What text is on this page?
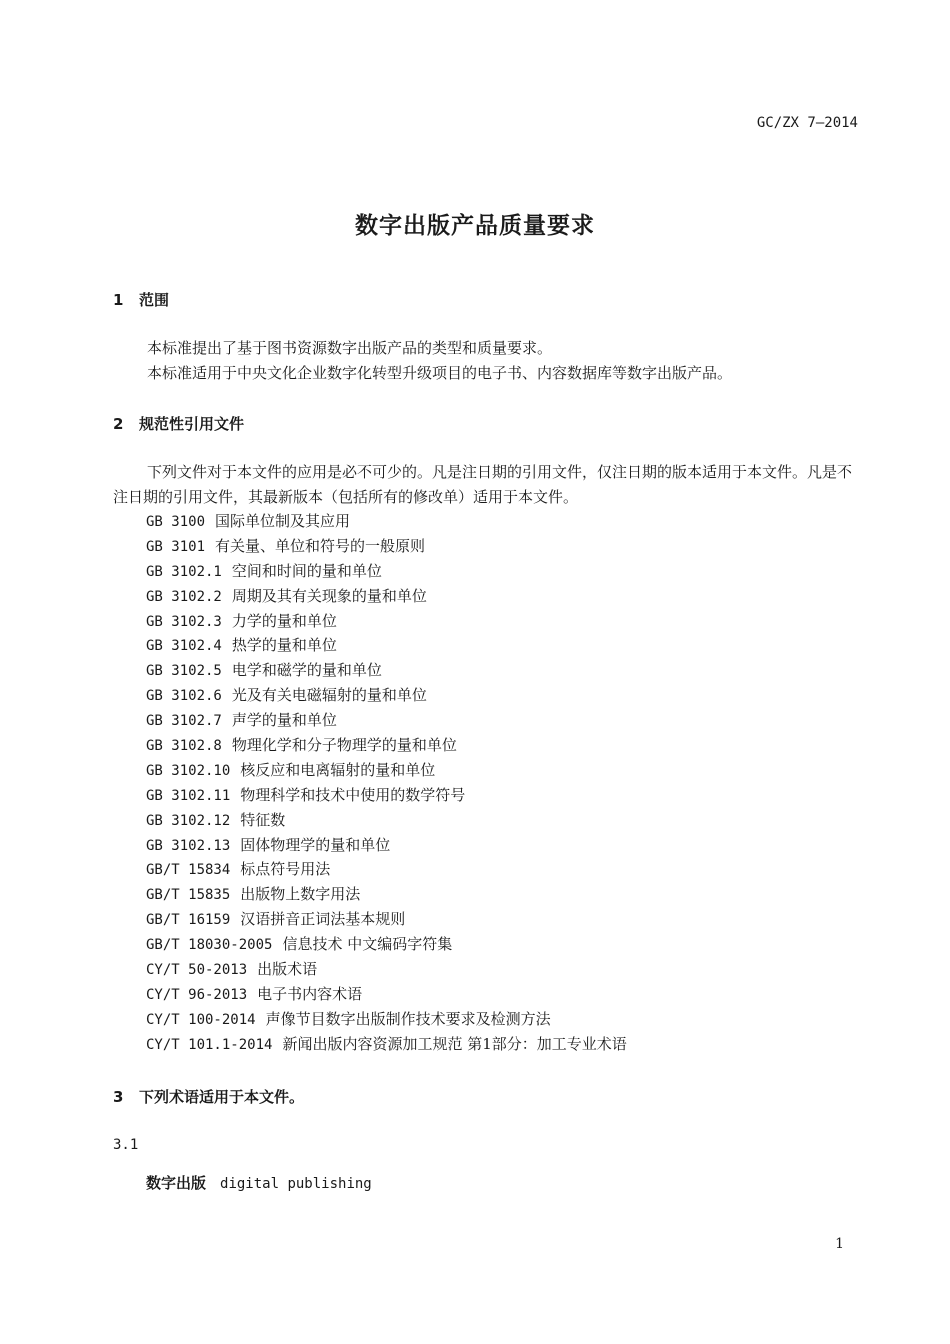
GC/ZX 7—2014
数字出版产品质量要求
1 范围

本标准提出了基于图书资源数字出版产品的类型和质量要求。

本标准适用于中央文化企业数字化转型升级项目的电子书、内容数据库等数字出版产品。

2 规范性引用文件

下列文件对于本文件的应用是必不可少的。凡是注日期的引用文件，仅注日期的版本适用于本文件。凡是不注日期的引用文件，其最新版本（包括所有的修改单）适用于本文件。

GB 3100 国际单位制及其应用
GB 3101 有关量、单位和符号的一般原则
GB 3102.1 空间和时间的量和单位
GB 3102.2 周期及其有关现象的量和单位
GB 3102.3 力学的量和单位
GB 3102.4 热学的量和单位
GB 3102.5 电学和磁学的量和单位
GB 3102.6 光及有关电磁辐射的量和单位
GB 3102.7 声学的量和单位
GB 3102.8 物理化学和分子物理学的量和单位
GB 3102.10 核反应和电离辐射的量和单位
GB 3102.11 物理科学和技术中使用的数学符号
GB 3102.12 特征数
GB 3102.13 固体物理学的量和单位
GB/T 15834 标点符号用法
GB/T 15835 出版物上数字用法
GB/T 16159 汉语拼音正词法基本规则
GB/T 18030-2005 信息技术 中文编码字符集
CY/T 50-2013 出版术语
CY/T 96-2013 电子书内容术语
CY/T 100-2014 声像节目数字出版制作技术要求及检测方法
CY/T 101.1-2014 新闻出版内容资源加工规范 第1部分：加工专业术语
3 下列术语适用于本文件。
3.1
数字出版 digital publishing
1
